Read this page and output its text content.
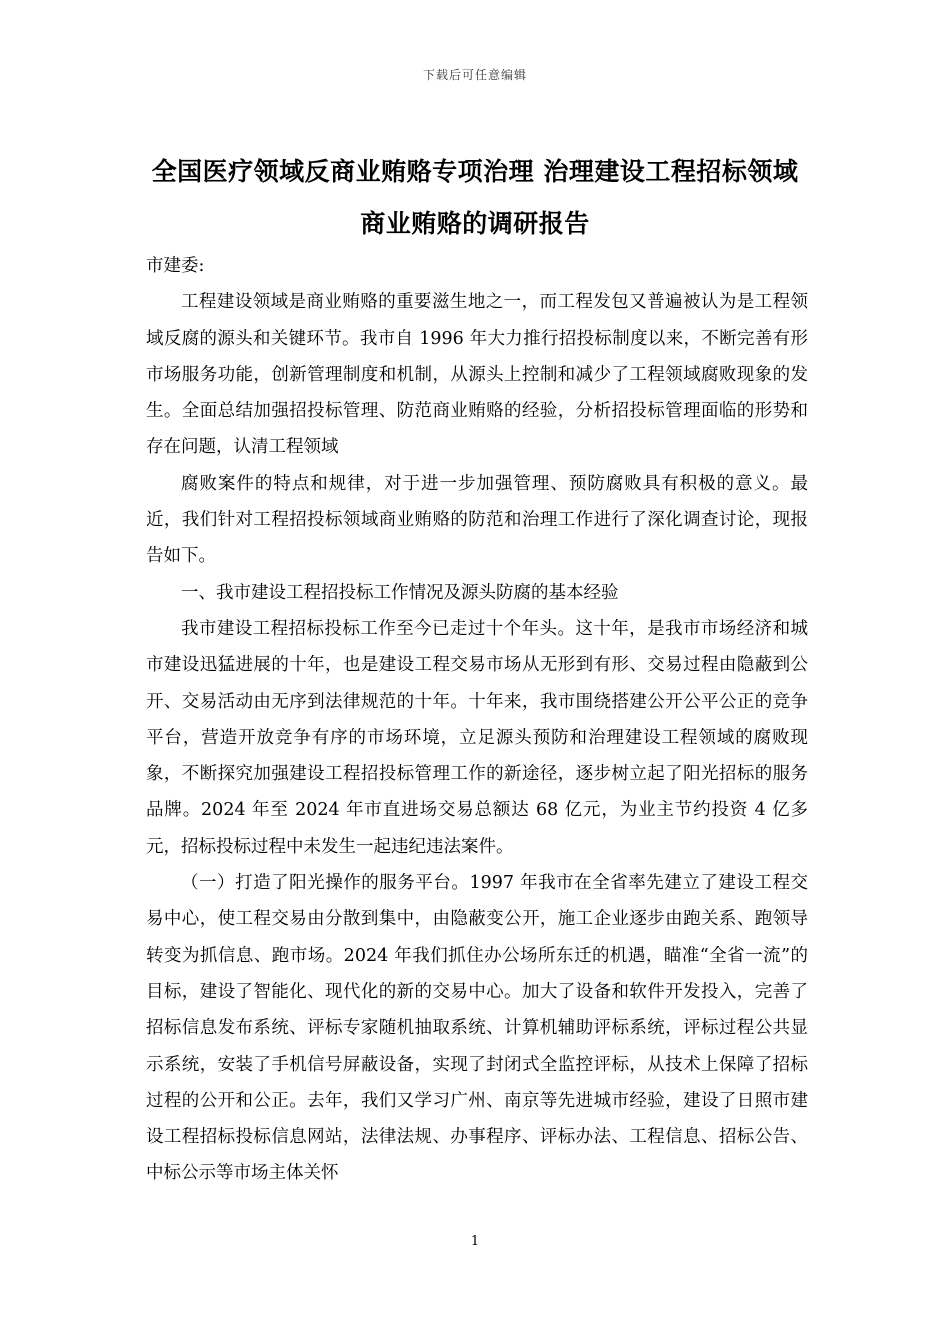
下载后可任意编辑
全国医疗领域反商业贿赂专项治理 治理建设工程招标领域
商业贿赂的调研报告

市建委:

工程建设领域是商业贿赂的重要滋生地之一，而工程发包又普遍被认为是工程领域反腐的源头和关键环节。我市自 1996 年大力推行招投标制度以来，不断完善有形市场服务功能，创新管理制度和机制，从源头上控制和减少了工程领域腐败现象的发生。全面总结加强招投标管理、防范商业贿赂的经验，分析招投标管理面临的形势和存在问题，认清工程领域

腐败案件的特点和规律，对于进一步加强管理、预防腐败具有积极的意义。最近，我们针对工程招投标领域商业贿赂的防范和治理工作进行了深化调查讨论，现报告如下。

一、我市建设工程招投标工作情况及源头防腐的基本经验

我市建设工程招标投标工作至今已走过十个年头。这十年，是我市市场经济和城市建设迅猛进展的十年，也是建设工程交易市场从无形到有形、交易过程由隐蔽到公开、交易活动由无序到法律规范的十年。十年来，我市围绕搭建公开公平公正的竞争平台，营造开放竞争有序的市场环境，立足源头预防和治理建设工程领域的腐败现象，不断探究加强建设工程招投标管理工作的新途径，逐步树立起了阳光招标的服务品牌。2024 年至 2024 年市直进场交易总额达 68 亿元，为业主节约投资 4 亿多元，招标投标过程中未发生一起违纪违法案件。

（一）打造了阳光操作的服务平台。1997 年我市在全省率先建立了建设工程交易中心，使工程交易由分散到集中，由隐蔽变公开，施工企业逐步由跑关系、跑领导转变为抓信息、跑市场。2024 年我们抓住办公场所东迁的机遇，瞄准“全省一流”的目标，建设了智能化、现代化的新的交易中心。加大了设备和软件开发投入，完善了招标信息发布系统、评标专家随机抽取系统、计算机辅助评标系统，评标过程公共显示系统，安装了手机信号屏蔽设备，实现了封闭式全监控评标，从技术上保障了招标过程的公开和公正。去年，我们又学习广州、南京等先进城市经验，建设了日照市建设工程招标投标信息网站，法律法规、办事程序、评标办法、工程信息、招标公告、中标公示等市场主体关怀

1
